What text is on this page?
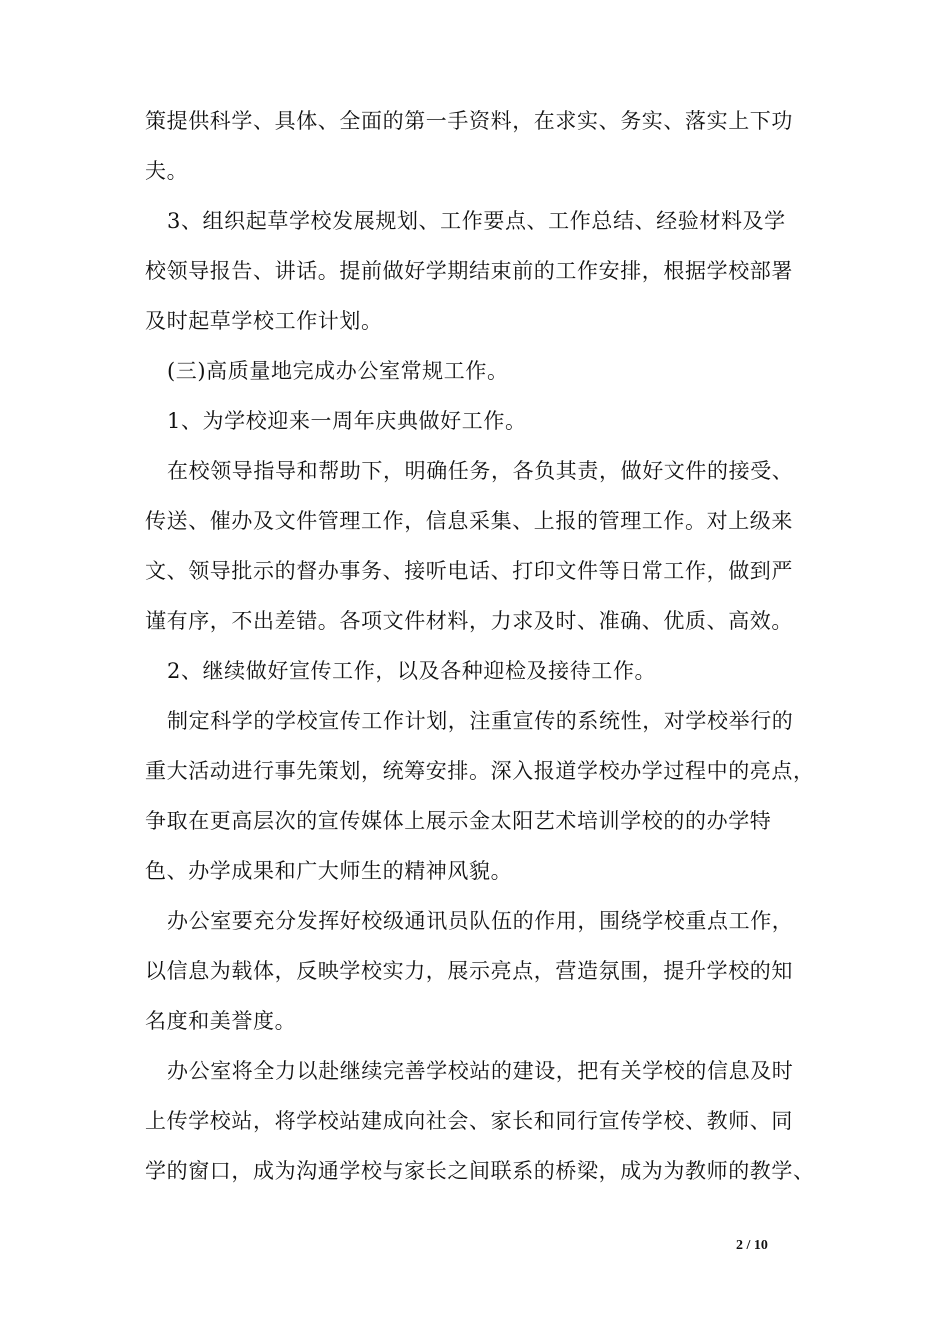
策提供科学、具体、全面的第一手资料，在求实、务实、落实上下功
夫。
3、组织起草学校发展规划、工作要点、工作总结、经验材料及学
校领导报告、讲话。提前做好学期结束前的工作安排，根据学校部署
及时起草学校工作计划。
(三)高质量地完成办公室常规工作。
1、为学校迎来一周年庆典做好工作。
在校领导指导和帮助下，明确任务，各负其责，做好文件的接受、
传送、催办及文件管理工作，信息采集、上报的管理工作。对上级来
文、领导批示的督办事务、接听电话、打印文件等日常工作，做到严
谨有序，不出差错。各项文件材料，力求及时、准确、优质、高效。
2、继续做好宣传工作，以及各种迎检及接待工作。
制定科学的学校宣传工作计划，注重宣传的系统性，对学校举行的
重大活动进行事先策划，统筹安排。深入报道学校办学过程中的亮点，
争取在更高层次的宣传媒体上展示金太阳艺术培训学校的的办学特
色、办学成果和广大师生的精神风貌。
办公室要充分发挥好校级通讯员队伍的作用，围绕学校重点工作，
以信息为载体，反映学校实力，展示亮点，营造氛围，提升学校的知
名度和美誉度。
办公室将全力以赴继续完善学校站的建设，把有关学校的信息及时
上传学校站，将学校站建成向社会、家长和同行宣传学校、教师、同
学的窗口，成为沟通学校与家长之间联系的桥梁，成为为教师的教学、
2 / 10
